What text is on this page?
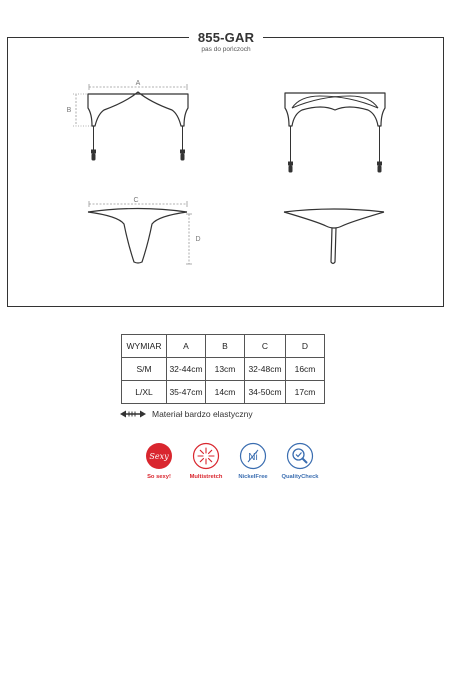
855-GAR
pas do pończoch
A
B
C
D
WYMIAR	A	B	C	D
S/M	32-44cm	13cm	32-48cm	16cm
L/XL	35-47cm	14cm	34-50cm	17cm
Materiał bardzo elastyczny
Sexy
So sexy!	Multistretch
Ni
NickelFree QualityCheck
